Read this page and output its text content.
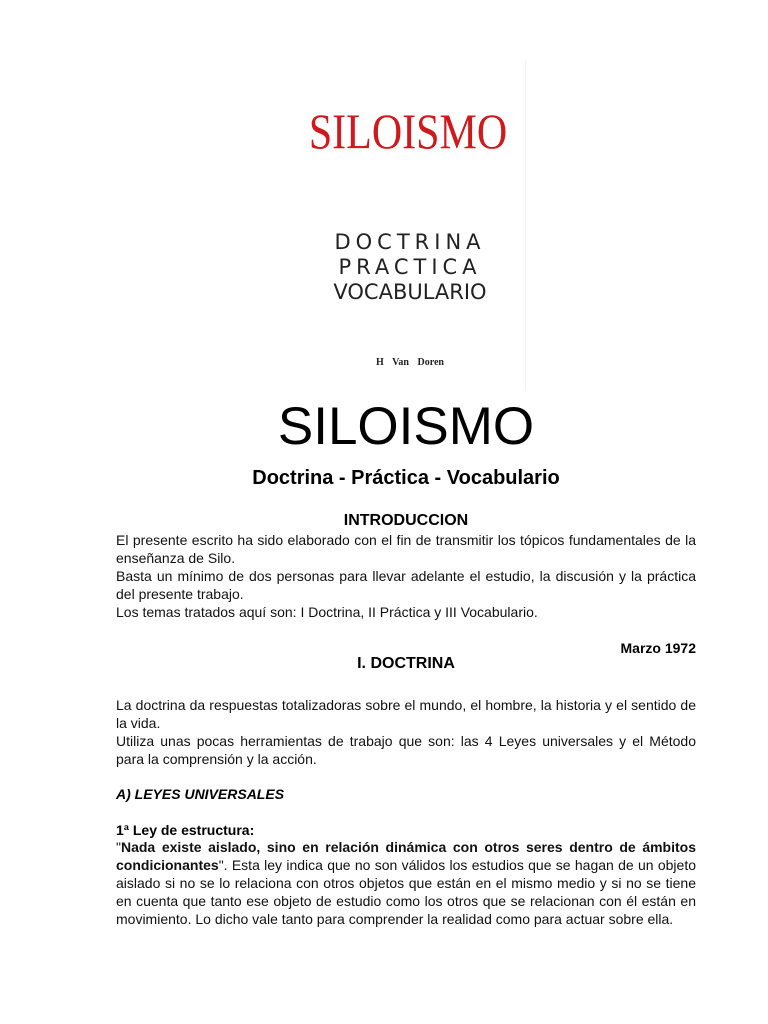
SILOISMO
DOCTRINA
PRACTICA
VOCABULARIO
H Van Doren
SILOISMO
Doctrina - Práctica - Vocabulario
INTRODUCCION

El presente escrito ha sido elaborado con el fin de transmitir los tópicos fundamentales de la enseñanza de Silo.

Basta un mínimo de dos personas para llevar adelante el estudio, la discusión y la práctica del presente trabajo.

Los temas tratados aquí son: I Doctrina, II Práctica y III Vocabulario.

Marzo 1972
I. DOCTRINA

La doctrina da respuestas totalizadoras sobre el mundo, el hombre, la historia y el sentido de la vida.

Utiliza unas pocas herramientas de trabajo que son: las 4 Leyes universales y el Método para la comprensión y la acción.

A) LEYES UNIVERSALES
1ª Ley de estructura:

"Nada existe aislado, sino en relación dinámica con otros seres dentro de ámbitos condicionantes". Esta ley indica que no son válidos los estudios que se hagan de un objeto aislado si no se lo relaciona con otros objetos que están en el mismo medio y si no se tiene en cuenta que tanto ese objeto de estudio como los otros que se relacionan con él están en movimiento. Lo dicho vale tanto para comprender la realidad como para actuar sobre ella.
